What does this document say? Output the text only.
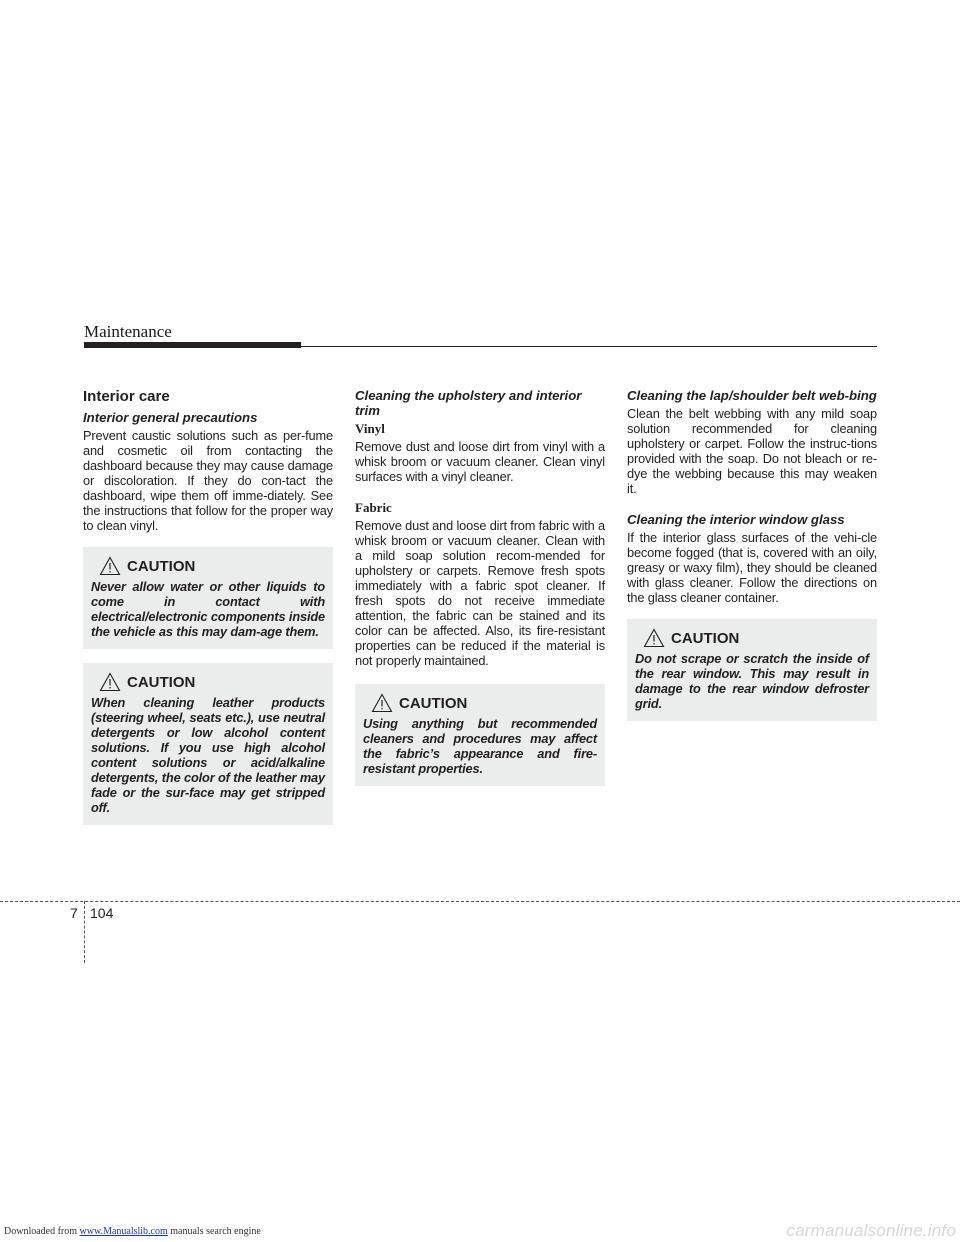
Maintenance
Interior care
Interior general precautions

Prevent caustic solutions such as per-fume and cosmetic oil from contacting the dashboard because they may cause damage or discoloration. If they do con-tact the dashboard, wipe them off imme-diately. See the instructions that follow for the proper way to clean vinyl.

CAUTION

Never allow water or other liquids to come in contact with electrical/electronic components inside the vehicle as this may dam-age them.

CAUTION

When cleaning leather products (steering wheel, seats etc.), use neutral detergents or low alcohol content solutions. If you use high alcohol content solutions or acid/alkaline detergents, the color of the leather may fade or the sur-face may get stripped off.

Cleaning the upholstery and interior trim
Vinyl

Remove dust and loose dirt from vinyl with a whisk broom or vacuum cleaner. Clean vinyl surfaces with a vinyl cleaner.

Fabric

Remove dust and loose dirt from fabric with a whisk broom or vacuum cleaner. Clean with a mild soap solution recom-mended for upholstery or carpets. Remove fresh spots immediately with a fabric spot cleaner. If fresh spots do not receive immediate attention, the fabric can be stained and its color can be affected. Also, its fire-resistant properties can be reduced if the material is not properly maintained.

CAUTION

Using anything but recommended cleaners and procedures may affect the fabric’s appearance and fire-resistant properties.

Cleaning the lap/shoulder belt web-bing

Clean the belt webbing with any mild soap solution recommended for cleaning upholstery or carpet. Follow the instruc-tions provided with the soap. Do not bleach or re-dye the webbing because this may weaken it.

Cleaning the interior window glass

If the interior glass surfaces of the vehi-cle become fogged (that is, covered with an oily, greasy or waxy film), they should be cleaned with glass cleaner. Follow the directions on the glass cleaner container.

CAUTION

Do not scrape or scratch the inside of the rear window. This may result in damage to the rear window defroster grid.

7 104
Downloaded from www.Manualslib.com manuals search engine	carmanualsonline.info
